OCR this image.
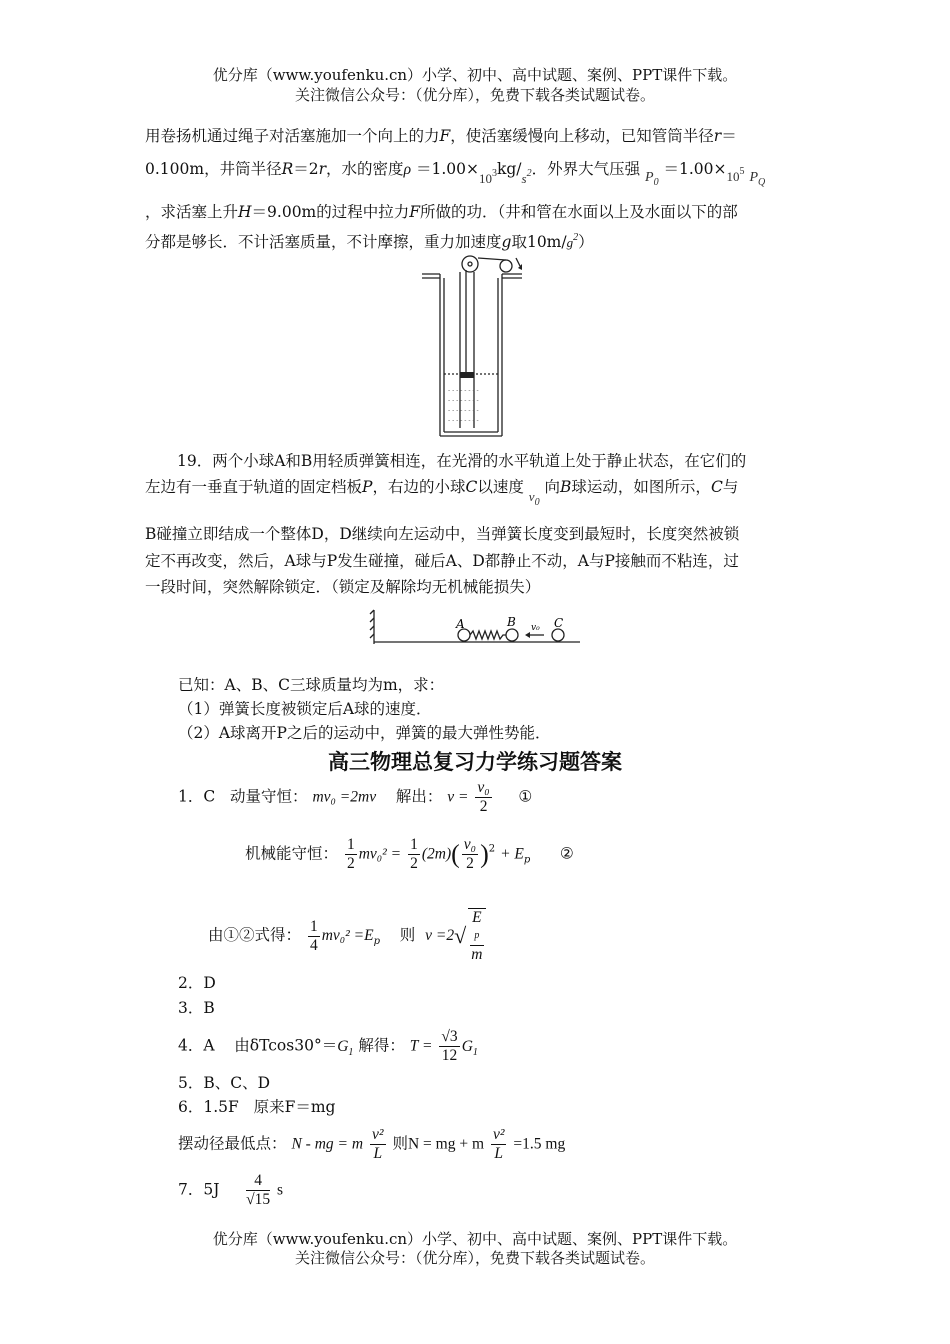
优分库（www.youfenku.cn）小学、初中、高中试题、案例、PPT课件下载。
关注微信公众号：（优分库），免费下载各类试题试卷。
用卷扬机通过绳子对活塞施加一个向上的力F，使活塞缓慢向上移动，已知管筒半径r＝
0.100m，井筒半径R＝2r，水的密度$\rho =1.00\times_{10^3}kg/_{s^2}$．外界大气压强 $P_0 =1.00\times_{10^5}$ $P_Q$
，求活塞上升H＝9.00m的过程中拉力F所做的功．（井和管在水面以上及水面以下的部
分都是够长．不计活塞质量，不计摩擦，重力加速度g取$10m/g^2$）
- - - - - - - -
- - - - - - - -
- - - - - - - -
- - - - - - - -
19．两个小球A和B用轻质弹簧相连，在光滑的水平轨道上处于静止状态，在它们的
左边有一垂直于轨道的固定档板P，右边的小球C以速度 $_{v_0}$ 向B球运动，如图所示，C与
B碰撞立即结成一个整体D，D继续向左运动中，当弹簧长度变到最短时，长度突然被锁
定不再改变，然后，A球与P发生碰撞，碰后A、D都静止不动，A与P接触而不粘连，过
一段时间，突然解除锁定．（锁定及解除均无机械能损失）
A	B v₀ C
已知：A、B、C三球质量均为m，求：
（1）弹簧长度被锁定后A球的速度．
（2）A球离开P之后的运动中，弹簧的最大弹性势能．
高三物理总复习力学练习题答案
1．C 动量守恒： mv₀ =2mv 解出： $v = \frac{\text{v₀}}{2}$ ①
机械能守恒： $\frac{1}{2} mv_0^2 = \frac{1}{2} (2m)( \frac{\text{v₀}}{2} )^2 + E_p$ ②
由①②式得： $\frac{1}{4} mv_0^2 =E_p$ 则 v =2√ E
p
m
2．D
3．B
4．A 由$\delta Tcos30^\circ=G_1$ 解得： $T = \frac{√3}{12} G_1$
5．B、C、D
6．1.5F 原来F＝mg
摆动径最低点： N - mg = m $\frac{\text{v²}}{L}$ 则N = mg + m $\frac{\text{v²}}{L} =1.5$ mg
7．$5J \frac{4}{√15}$ s
优分库（www.youfenku.cn）小学、初中、高中试题、案例、PPT课件下载。
关注微信公众号：（优分库），免费下载各类试题试卷。
